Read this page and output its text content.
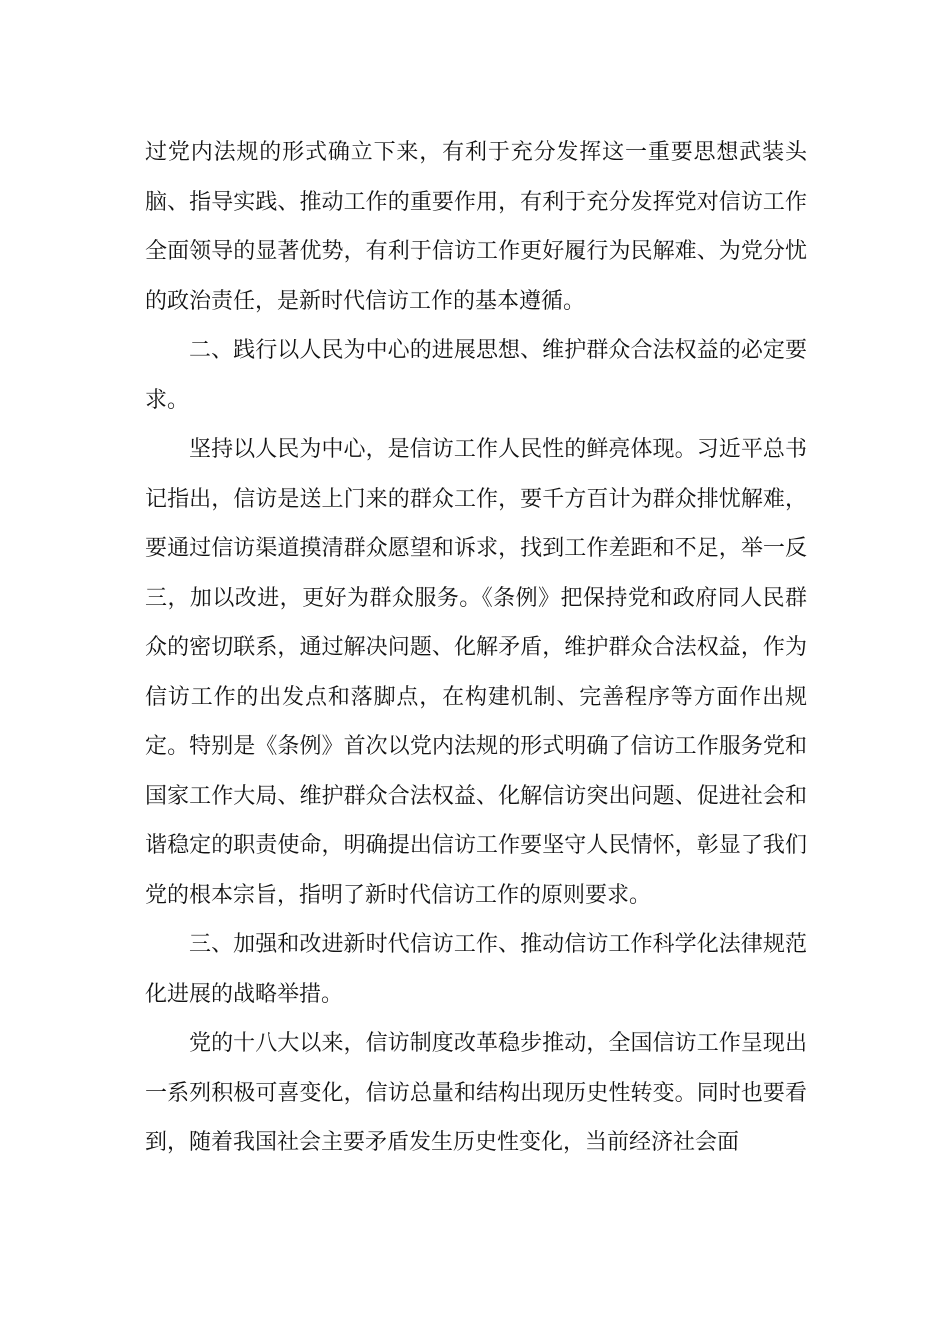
过党内法规的形式确立下来，有利于充分发挥这一重要思想武装头脑、指导实践、推动工作的重要作用，有利于充分发挥党对信访工作全面领导的显著优势，有利于信访工作更好履行为民解难、为党分忧的政治责任，是新时代信访工作的基本遵循。

二、践行以人民为中心的进展思想、维护群众合法权益的必定要求。

坚持以人民为中心，是信访工作人民性的鲜亮体现。习近平总书记指出，信访是送上门来的群众工作，要千方百计为群众排忧解难，要通过信访渠道摸清群众愿望和诉求，找到工作差距和不足，举一反三，加以改进，更好为群众服务。《条例》把保持党和政府同人民群众的密切联系，通过解决问题、化解矛盾，维护群众合法权益，作为信访工作的出发点和落脚点，在构建机制、完善程序等方面作出规定。特别是《条例》首次以党内法规的形式明确了信访工作服务党和国家工作大局、维护群众合法权益、化解信访突出问题、促进社会和谐稳定的职责使命，明确提出信访工作要坚守人民情怀，彰显了我们党的根本宗旨，指明了新时代信访工作的原则要求。

三、加强和改进新时代信访工作、推动信访工作科学化法律规范化进展的战略举措。

党的十八大以来，信访制度改革稳步推动，全国信访工作呈现出一系列积极可喜变化，信访总量和结构出现历史性转变。同时也要看到，随着我国社会主要矛盾发生历史性变化，当前经济社会面
